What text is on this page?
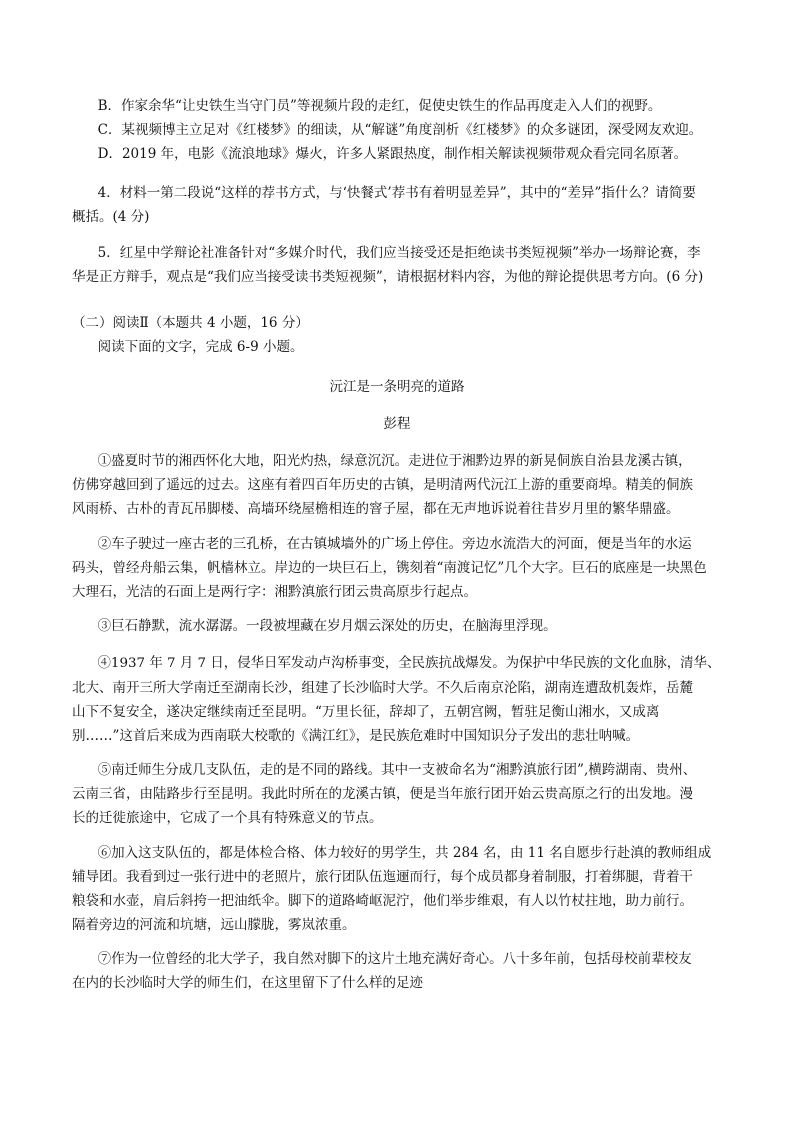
B．作家余华“让史铁生当守门员”等视频片段的走红，促使史铁生的作品再度走入人们的视野。
C．某视频博主立足对《红楼梦》的细读，从“解谜”角度剖析《红楼梦》的众多谜团，深受网友欢迎。
D．2019 年，电影《流浪地球》爆火，许多人紧跟热度，制作相关解读视频带观众看完同名原著。
4．材料一第二段说“这样的荐书方式，与‘快餐式’荐书有着明显差异”，其中的“差异”指什么？请简要
概括。(4 分)
5．红星中学辩论社准备针对“多媒介时代，我们应当接受还是拒绝读书类短视频”举办一场辩论赛，李
华是正方辩手，观点是“我们应当接受读书类短视频”，请根据材料内容，为他的辩论提供思考方向。(6 分)
（二）阅读Ⅱ（本题共 4 小题，16 分）
阅读下面的文字，完成 6-9 小题。
沅江是一条明亮的道路
彭程
①盛夏时节的湘西怀化大地，阳光灼热，绿意沉沉。走进位于湘黔边界的新晃侗族自治县龙溪古镇，
仿佛穿越回到了遥远的过去。这座有着四百年历史的古镇，是明清两代沅江上游的重要商埠。精美的侗族
风雨桥、古朴的青瓦吊脚楼、高墙环绕屋檐相连的窨子屋，都在无声地诉说着往昔岁月里的繁华鼎盛。
②车子驶过一座古老的三孔桥，在古镇城墙外的广场上停住。旁边水流浩大的河面，便是当年的水运
码头，曾经舟船云集，帆樯林立。岸边的一块巨石上，镌刻着“南渡记忆”几个大字。巨石的底座是一块黑色
大理石，光洁的石面上是两行字：湘黔滇旅行团云贵高原步行起点。
③巨石静默，流水潺潺。一段被埋藏在岁月烟云深处的历史，在脑海里浮现。
④1937 年 7 月 7 日，侵华日军发动卢沟桥事变，全民族抗战爆发。为保护中华民族的文化血脉，清华、
北大、南开三所大学南迁至湖南长沙，组建了长沙临时大学。不久后南京沦陷，湖南连遭敌机轰炸，岳麓
山下不复安全，遂决定继续南迁至昆明。“万里长征，辞却了，五朝宫阙，暂驻足衡山湘水，又成离
别……”这首后来成为西南联大校歌的《满江红》，是民族危难时中国知识分子发出的悲壮呐喊。
⑤南迁师生分成几支队伍，走的是不同的路线。其中一支被命名为“湘黔滇旅行团”,横跨湖南、贵州、
云南三省，由陆路步行至昆明。我此时所在的龙溪古镇，便是当年旅行团开始云贵高原之行的出发地。漫
长的迁徙旅途中，它成了一个具有特殊意义的节点。
⑥加入这支队伍的，都是体检合格、体力较好的男学生，共 284 名，由 11 名自愿步行赴滇的教师组成
辅导团。我看到过一张行进中的老照片，旅行团队伍迤逦而行，每个成员都身着制服，打着绑腿，背着干
粮袋和水壶，肩后斜挎一把油纸伞。脚下的道路崎岖泥泞，他们举步维艰，有人以竹杖拄地，助力前行。
隔着旁边的河流和坑塘，远山朦胧，雾岚浓重。
⑦作为一位曾经的北大学子，我自然对脚下的这片土地充满好奇心。八十多年前，包括母校前辈校友
在内的长沙临时大学的师生们，在这里留下了什么样的足迹
